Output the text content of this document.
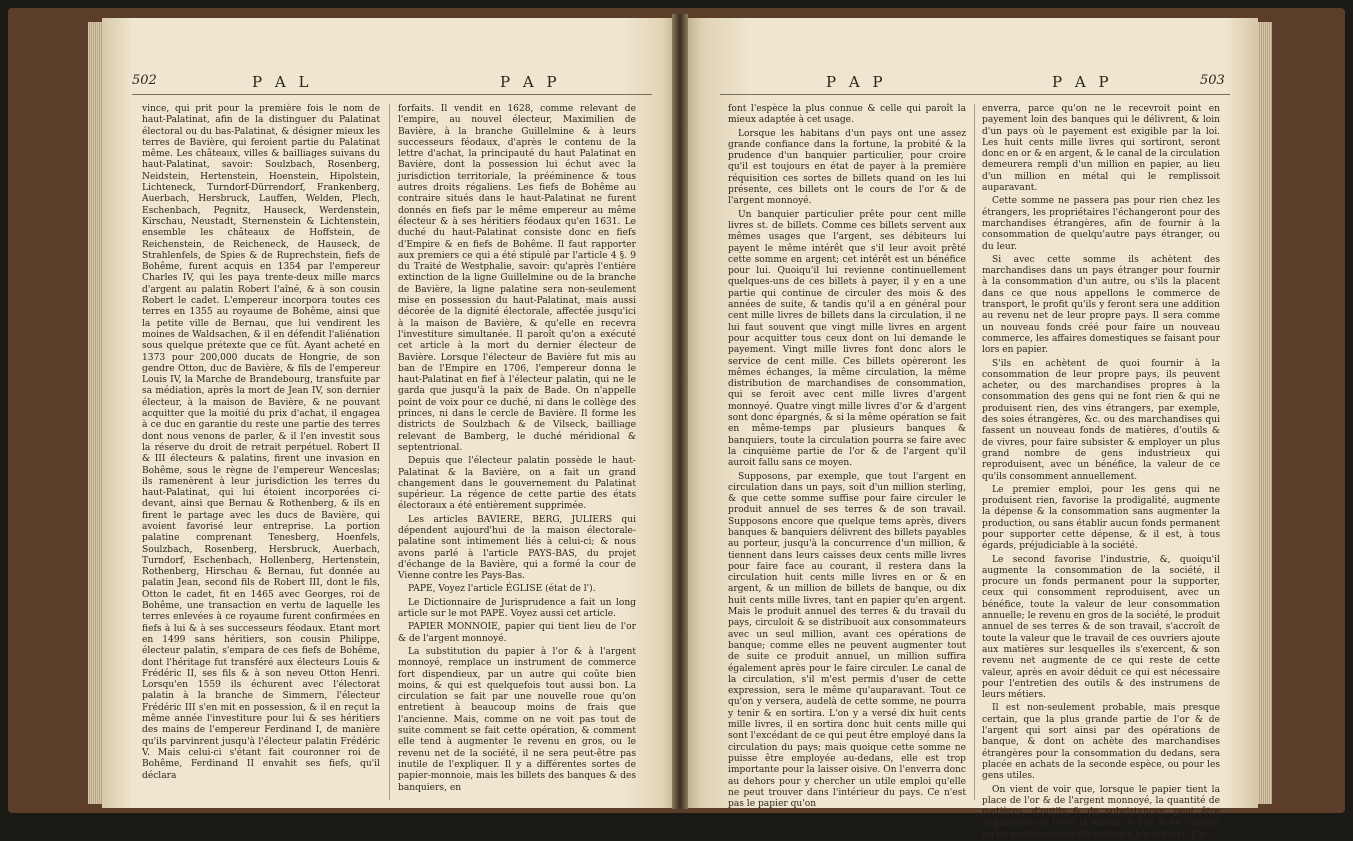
502	P A L	P A P

vince, qui prit pour la première fois le nom de haut-Palatinat, afin de la distinguer du Palatinat électoral ou du bas-Palatinat, & désigner mieux les terres de Bavière, qui feroient partie du Palatinat même. Les châteaux, villes & bailliages suivans du haut-Palatinat, savoir: Soulzbach, Rosenberg, Neidstein, Hertenstein, Hoenstein, Hipolstein, Lichteneck, Turndorf-Dürrendorf, Frankenberg, Auerbach, Hersbruck, Lauffen, Welden, Plech, Eschenbach, Pegnitz, Hauseck, Werdenstein, Kirschau, Neustadt, Sternenstein & Lichtenstein, ensemble les châteaux de Hoffstein, de Reichenstein, de Reicheneck, de Hauseck, de Strahlenfels, de Spies & de Ruprechstein, fiefs de Bohême, furent acquis en 1354 par l'empereur Charles IV, qui les paya trente-deux mille marcs d'argent au palatin Robert l'aîné, & à son cousin Robert le cadet. L'empereur incorpora toutes ces terres en 1355 au royaume de Bohême, ainsi que la petite ville de Bernau, que lui vendirent les moines de Waldsachen, & il en défendit l'aliénation sous quelque prétexte que ce fût. Ayant acheté en 1373 pour 200,000 ducats de Hongrie, de son gendre Otton, duc de Bavière, & fils de l'empereur Louis IV, la Marche de Brandebourg, transfuite par sa médiation, après la mort de Jean IV, son dernier électeur, à la maison de Bavière, & ne pouvant acquitter que la moitié du prix d'achat, il engagea à ce duc en garantie du reste une partie des terres dont nous venons de parler, & il l'en investit sous la réserve du droit de retrait perpétuel. Robert II & III électeurs & palatins, firent une invasion en Bohême, sous le règne de l'empereur Wenceslas; ils ramenèrent à leur jurisdiction les terres du haut-Palatinat, qui lui étoient incorporées ci-devant, ainsi que Bernau & Rothenberg, & ils en firent le partage avec les ducs de Bavière, qui avoient favorisé leur entreprise. La portion palatine comprenant Tenesberg, Hoenfels, Soulzbach, Rosenberg, Hersbruck, Auerbach, Turndorf, Eschenbach, Hollenberg, Hertenstein, Rothenberg, Hirschau & Bernau, fut donnée au palatin Jean, second fils de Robert III, dont le fils, Otton le cadet, fit en 1465 avec Georges, roi de Bohême, une transaction en vertu de laquelle les terres enlevées à ce royaume furent confirmées en fiefs à lui & à ses successeurs féodaux. Etant mort en 1499 sans héritiers, son cousin Philippe, électeur palatin, s'empara de ces fiefs de Bohême, dont l'héritage fut transféré aux électeurs Louis & Frédéric II, ses fils & à son neveu Otton Henri. Lorsqu'en 1559 ils échurent avec l'électorat palatin à la branche de Simmern, l'électeur Frédéric III s'en mit en possession, & il en reçut la même année l'investiture pour lui & ses héritiers des mains de l'empereur Ferdinand I, de manière qu'ils parvinrent jusqu'à l'électeur palatin Frédéric V. Mais celui-ci s'étant fait couronner roi de Bohême, Ferdinand II envahit ses fiefs, qu'il déclara

forfaits. Il vendit en 1628, comme relevant de l'empire, au nouvel électeur, Maximilien de Bavière, à la branche Guillelmine & à leurs successeurs féodaux, d'après le contenu de la lettre d'achat, la principauté du haut Palatinat en Bavière, dont la possession lui échut avec la jurisdiction territoriale, la prééminence & tous autres droits régaliens. Les fiefs de Bohême au contraire situés dans le haut-Palatinat ne furent donnés en fiefs par le même empereur au même électeur & à ses héritiers féodaux qu'en 1631. Le duché du haut-Palatinat consiste donc en fiefs d'Empire & en fiefs de Bohême. Il faut rapporter aux premiers ce qui a été stipulé par l'article 4 §. 9 du Traité de Westphalie, savoir: qu'après l'entière extinction de la ligne Guillelmine ou de la branche de Bavière, la ligne palatine sera non-seulement mise en possession du haut-Palatinat, mais aussi décorée de la dignité électorale, affectée jusqu'ici à la maison de Bavière, & qu'elle en recevra l'investiture simultanée. Il paroît qu'on a exécuté cet article à la mort du dernier électeur de Bavière. Lorsque l'électeur de Bavière fut mis au ban de l'Empire en 1706, l'empereur donna le haut-Palatinat en fief à l'électeur palatin, qui ne le garda que jusqu'à la paix de Bade. On n'appelle point de voix pour ce duché, ni dans le collège des princes, ni dans le cercle de Bavière. Il forme les districts de Soulzbach & de Vilseck, bailliage relevant de Bamberg, le duché méridional & septentrional.

Depuis que l'électeur palatin possède le haut-Palatinat & la Bavière, on a fait un grand changement dans le gouvernement du Palatinat supérieur. La régence de cette partie des états électoraux a été entièrement supprimée.

Les articles BAVIERE, BERG, JULIERS qui dépendent aujourd'hui de la maison électorale-palatine sont intimement liés à celui-ci; & nous avons parlé à l'article PAYS-BAS, du projet d'échange de la Bavière, qui a formé la cour de Vienne contre les Pays-Bas.

PAPE, Voyez l'article ÉGLISE (état de l').

Le Dictionnaire de Jurisprudence a fait un long article sur le mot PAPE. Voyez aussi cet article.

PAPIER MONNOIE, papier qui tient lieu de l'or & de l'argent monnoyé.

La substitution du papier à l'or & à l'argent monnoyé, remplace un instrument de commerce fort dispendieux, par un autre qui coûte bien moins, & qui est quelquefois tout aussi bon. La circulation se fait par une nouvelle roue qu'on entretient à beaucoup moins de frais que l'ancienne. Mais, comme on ne voit pas tout de suite comment se fait cette opération, & comment elle tend à augmenter le revenu en gros, ou le revenu net de la société, il ne sera peut-être pas inutile de l'expliquer. Il y a différentes sortes de papier-monnoie, mais les billets des banques & des banquiers, en

P A P	P A P	503

font l'espèce la plus connue & celle qui paroît la mieux adaptée à cet usage.

Lorsque les habitans d'un pays ont une assez grande confiance dans la fortune, la probité & la prudence d'un banquier particulier, pour croire qu'il est toujours en état de payer à la première réquisition ces sortes de billets quand on les lui présente, ces billets ont le cours de l'or & de l'argent monnoyé.

Un banquier particulier prête pour cent mille livres st. de billets. Comme ces billets servent aux mêmes usages que l'argent, ses débiteurs lui payent le même intérêt que s'il leur avoit prêté cette somme en argent; cet intérêt est un bénéfice pour lui. Quoiqu'il lui revienne continuellement quelques-uns de ces billets à payer, il y en a une partie qui continue de circuler des mois & des années de suite, & tandis qu'il a en général pour cent mille livres de billets dans la circulation, il ne lui faut souvent que vingt mille livres en argent pour acquitter tous ceux dont on lui demande le payement. Vingt mille livres font donc alors le service de cent mille. Ces billets opèreront les mêmes échanges, la même circulation, la même distribution de marchandises de consommation, qui se feroit avec cent mille livres d'argent monnoyé. Quatre vingt mille livres d'or & d'argent sont donc épargnés, & si la même opération se fait en même-temps par plusieurs banques & banquiers, toute la circulation pourra se faire avec la cinquième partie de l'or & de l'argent qu'il auroit fallu sans ce moyen.

Supposons, par exemple, que tout l'argent en circulation dans un pays, soit d'un million sterling, & que cette somme suffise pour faire circuler le produit annuel de ses terres & de son travail. Supposons encore que quelque tems après, divers banques & banquiers délivrent des billets payables au porteur, jusqu'à la concurrence d'un million, & tiennent dans leurs caisses deux cents mille livres pour faire face au courant, il restera dans la circulation huit cents mille livres en or & en argent, & un million de billets de banque, ou dix huit cents mille livres, tant en papier qu'en argent. Mais le produit annuel des terres & du travail du pays, circuloit & se distribuoit aux consommateurs avec un seul million, avant ces opérations de banque; comme elles ne peuvent augmenter tout de suite ce produit annuel, un million suffira également après pour le faire circuler. Le canal de la circulation, s'il m'est permis d'user de cette expression, sera le même qu'auparavant. Tout ce qu'on y versera, audelà de cette somme, ne pourra y tenir & en sortira. L'on y a versé dix huit cents mille livres, il en sortira donc huit cents mille qui sont l'excédant de ce qui peut être employé dans la circulation du pays; mais quoique cette somme ne puisse être employée au-dedans, elle est trop importante pour la laisser oisive. On l'enverra donc au dehors pour y chercher un utile emploi qu'elle ne peut trouver dans l'intérieur du pays. Ce n'est pas le papier qu'on

enverra, parce qu'on ne le recevroit point en payement loin des banques qui le délivrent, & loin d'un pays où le payement est exigible par la loi. Les huit cents mille livres qui sortiront, seront donc en or & en argent, & le canal de la circulation demeurera rempli d'un million en papier, au lieu d'un million en métal qui le remplissoit auparavant.

Cette somme ne passera pas pour rien chez les étrangers, les propriétaires l'échangeront pour des marchandises étrangères, afin de fournir à la consommation de quelqu'autre pays étranger, ou du leur.

Si avec cette somme ils achètent des marchandises dans un pays étranger pour fournir à la consommation d'un autre, ou s'ils la placent dans ce que nous appellons le commerce de transport, le profit qu'ils y feront sera une addition au revenu net de leur propre pays. Il sera comme un nouveau fonds créé pour faire un nouveau commerce, les affaires domestiques se faisant pour lors en papier.

S'ils en achètent de quoi fournir à la consommation de leur propre pays, ils peuvent acheter, ou des marchandises propres à la consommation des gens qui ne font rien & qui ne produisent rien, des vins étrangers, par exemple, des soies étrangères, &c. ou des marchandises qui fassent un nouveau fonds de matières, d'outils & de vivres, pour faire subsister & employer un plus grand nombre de gens industrieux qui reproduisent, avec un bénéfice, la valeur de ce qu'ils consomment annuellement.

Le premier emploi, pour les gens qui ne produisent rien, favorise la prodigalité, augmente la dépense & la consommation sans augmenter la production, ou sans établir aucun fonds permanent pour supporter cette dépense, & il est, à tous égards, préjudiciable à la société.

Le second favorise l'industrie, &, quoiqu'il augmente la consommation de la société, il procure un fonds permanent pour la supporter, ceux qui consomment reproduisent, avec un bénéfice, toute la valeur de leur consommation annuelle; le revenu en gros de la société, le produit annuel de ses terres & de son travail, s'accroît de toute la valeur que le travail de ces ouvriers ajoute aux matières sur lesquelles ils s'exercent, & son revenu net augmente de ce qui reste de cette valeur, après en avoir déduit ce qui est nécessaire pour l'entretien des outils & des instrumens de leurs métiers.

Il est non-seulement probable, mais presque certain, que la plus grande partie de l'or & de l'argent qui sort ainsi par des opérations de banque, & dont on achète des marchandises étrangères pour la consommation du dedans, sera placée en achats de la seconde espèce, ou pour les gens utiles.

On vient de voir que, lorsque le papier tient la place de l'or & de l'argent monnoyé, la quantité de matières, d'outils & de subsistances, peut être augmentée de toute la valeur de l'or & de l'argent qu'on avoit coutume de mettre à les acheter. L'o-
